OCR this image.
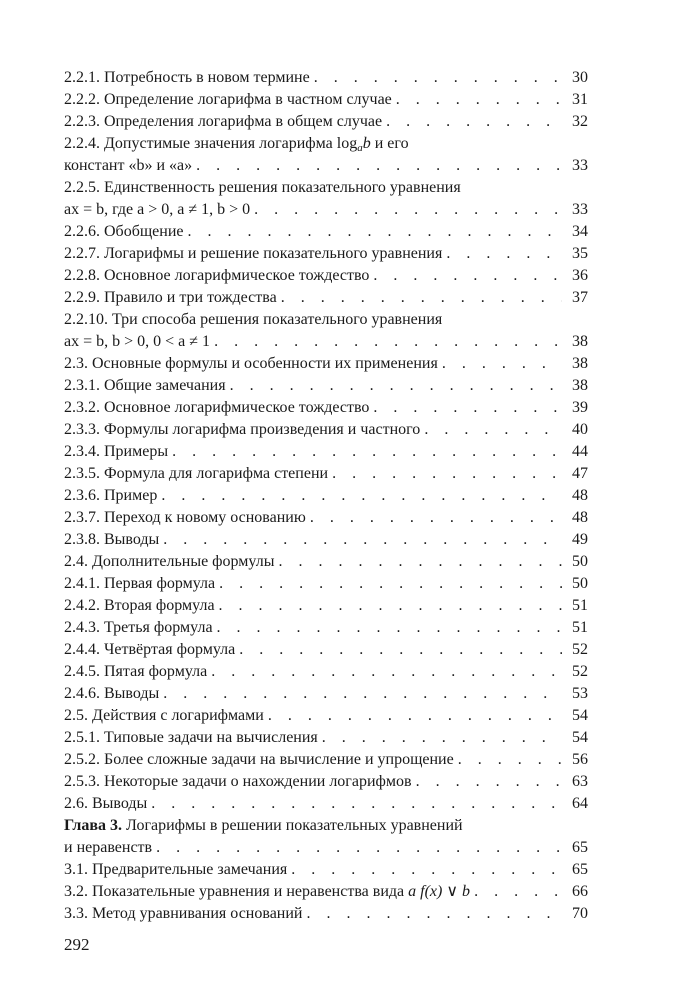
2.2.1. Потребность в новом термине . . .	30
2.2.2. Определение логарифма в частном случае . . .	31
2.2.3. Определения логарифма в общем случае . . .	32
2.2.4. Допустимые значения логарифма $\log_ab$ и его
констант «b» и «a» . . .	33
2.2.5. Единственность решения показательного уравнения
ax = b, где a > 0, a ≠ 1, b > 0 . . .	33
2.2.6. Обобщение . . .	34
2.2.7. Логарифмы и решение показательного уравнения . . .	35
2.2.8. Основное логарифмическое тождество . . .	36
2.2.9. Правило и три тождества . . .	37
2.2.10. Три способа решения показательного уравнения
ax = b, b > 0, 0 < a ≠ 1 . . .	38
2.3. Основные формулы и особенности их применения . . .	38
2.3.1. Общие замечания . . .	38
2.3.2. Основное логарифмическое тождество . . .	39
2.3.3. Формулы логарифма произведения и частного . . .	40
2.3.4. Примеры . . .	44
2.3.5. Формула для логарифма степени . . .	47
2.3.6. Пример . . .	48
2.3.7. Переход к новому основанию . . .	48
2.3.8. Выводы . . .	49
2.4. Дополнительные формулы . . .	50
2.4.1. Первая формула . . .	50
2.4.2. Вторая формула . . .	51
2.4.3. Третья формула . . .	51
2.4.4. Четвёртая формула . . .	52
2.4.5. Пятая формула . . .	52
2.4.6. Выводы . . .	53
2.5. Действия с логарифмами . . .	54
2.5.1. Типовые задачи на вычисления . . .	54
2.5.2. Более сложные задачи на вычисление и упрощение . . .	56
2.5.3. Некоторые задачи о нахождении логарифмов . . .	63
2.6. Выводы . . .	64
Глава 3. Логарифмы в решении показательных уравнений
и неравенств . . .	65
3.1. Предварительные замечания . . .	65
3.2. Показательные уравнения и неравенства вида a f(x) ∨ b . . .	66
3.3. Метод уравнивания оснований . . .	70
292
